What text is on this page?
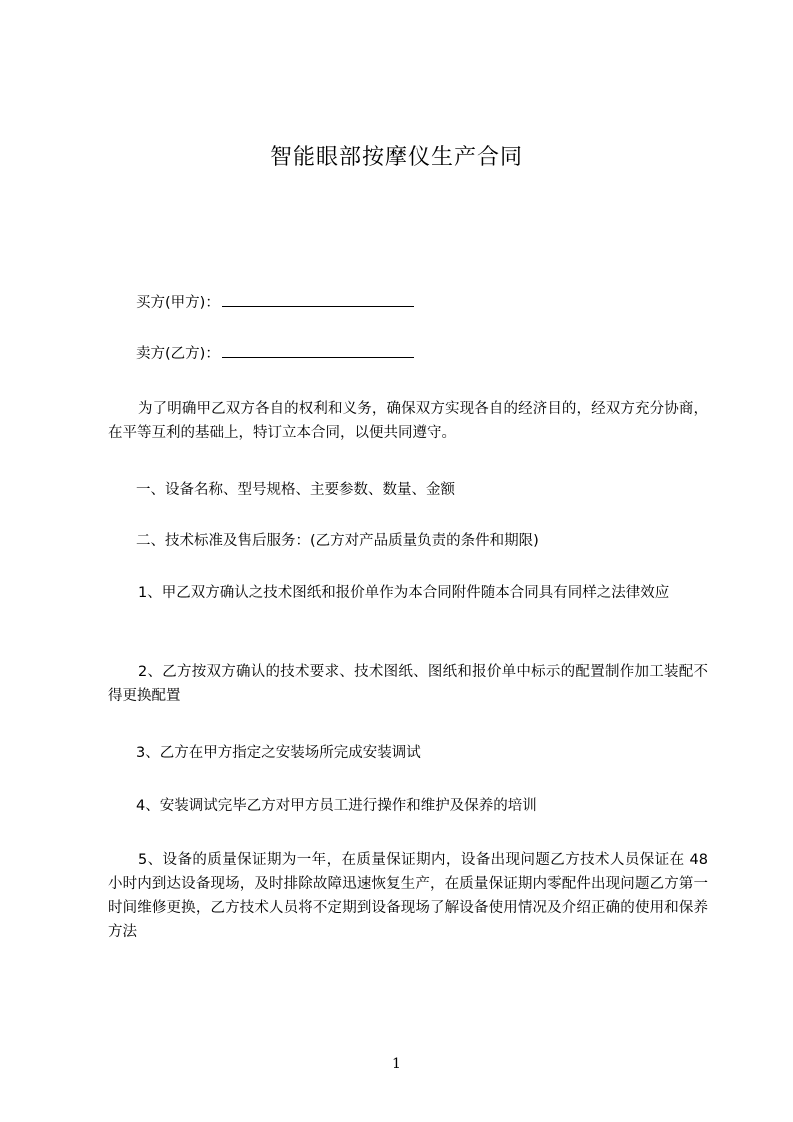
智能眼部按摩仪生产合同
买方(甲方)：
卖方(乙方)：
为了明确甲乙双方各自的权利和义务，确保双方实现各自的经济目的，经双方充分协商，在平等互利的基础上，特订立本合同，以便共同遵守。
一、设备名称、型号规格、主要参数、数量、金额
二、技术标准及售后服务：(乙方对产品质量负责的条件和期限)
1、甲乙双方确认之技术图纸和报价单作为本合同附件随本合同具有同样之法律效应
2、乙方按双方确认的技术要求、技术图纸、图纸和报价单中标示的配置制作加工装配不得更换配置
3、乙方在甲方指定之安装场所完成安装调试
4、安装调试完毕乙方对甲方员工进行操作和维护及保养的培训
5、设备的质量保证期为一年，在质量保证期内，设备出现问题乙方技术人员保证在 48 小时内到达设备现场，及时排除故障迅速恢复生产，在质量保证期内零配件出现问题乙方第一时间维修更换，乙方技术人员将不定期到设备现场了解设备使用情况及介绍正确的使用和保养方法
1
